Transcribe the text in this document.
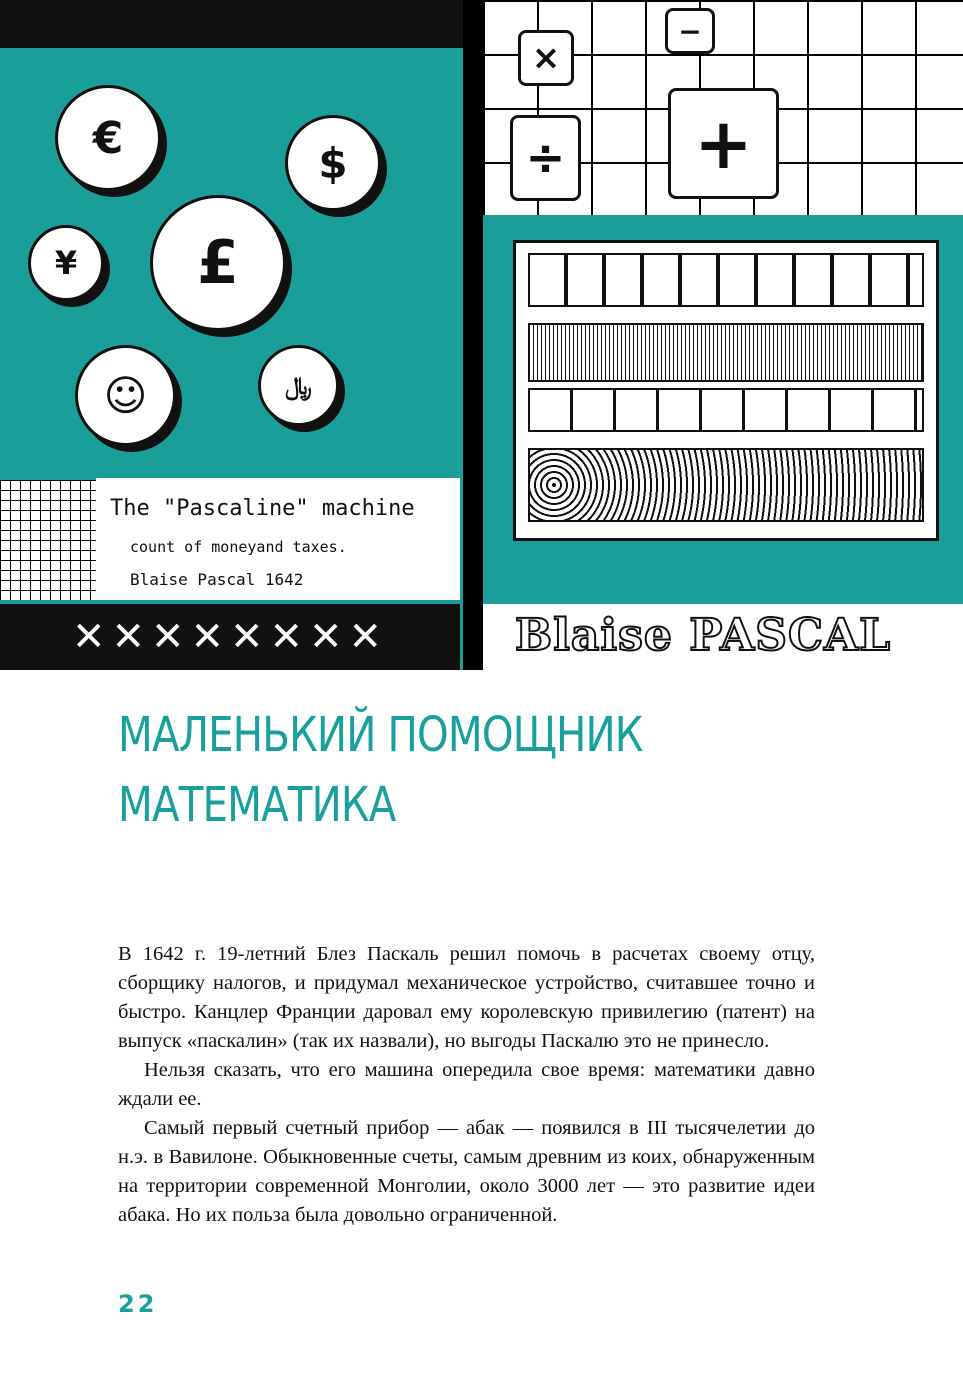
€	$
¥	£
☺	﷼
The "Pascaline" machine
count of moneyand taxes.
Blaise Pascal 1642
✕✕✕✕✕✕✕✕
×
−
÷	+
Blaise PASCAL
МАЛЕНЬКИЙ ПОМОЩНИК
МАТЕМАТИКА

В 1642 г. 19-летний Блез Паскаль решил помочь в расчетах своему отцу, сборщику налогов, и придумал механическое устройство, считавшее точно и быстро. Канцлер Франции даровал ему королевскую привилегию (патент) на выпуск «паскалин» (так их назвали), но выгоды Паскалю это не принесло.

Нельзя сказать, что его машина опередила свое время: математики давно ждали ее.

Самый первый счетный прибор — абак — появился в III тысячелетии до н.э. в Вавилоне. Обыкновенные счеты, самым древним из коих, обнаруженным на территории современной Монголии, около 3000 лет — это развитие идеи абака. Но их польза была довольно ограниченной.

22
